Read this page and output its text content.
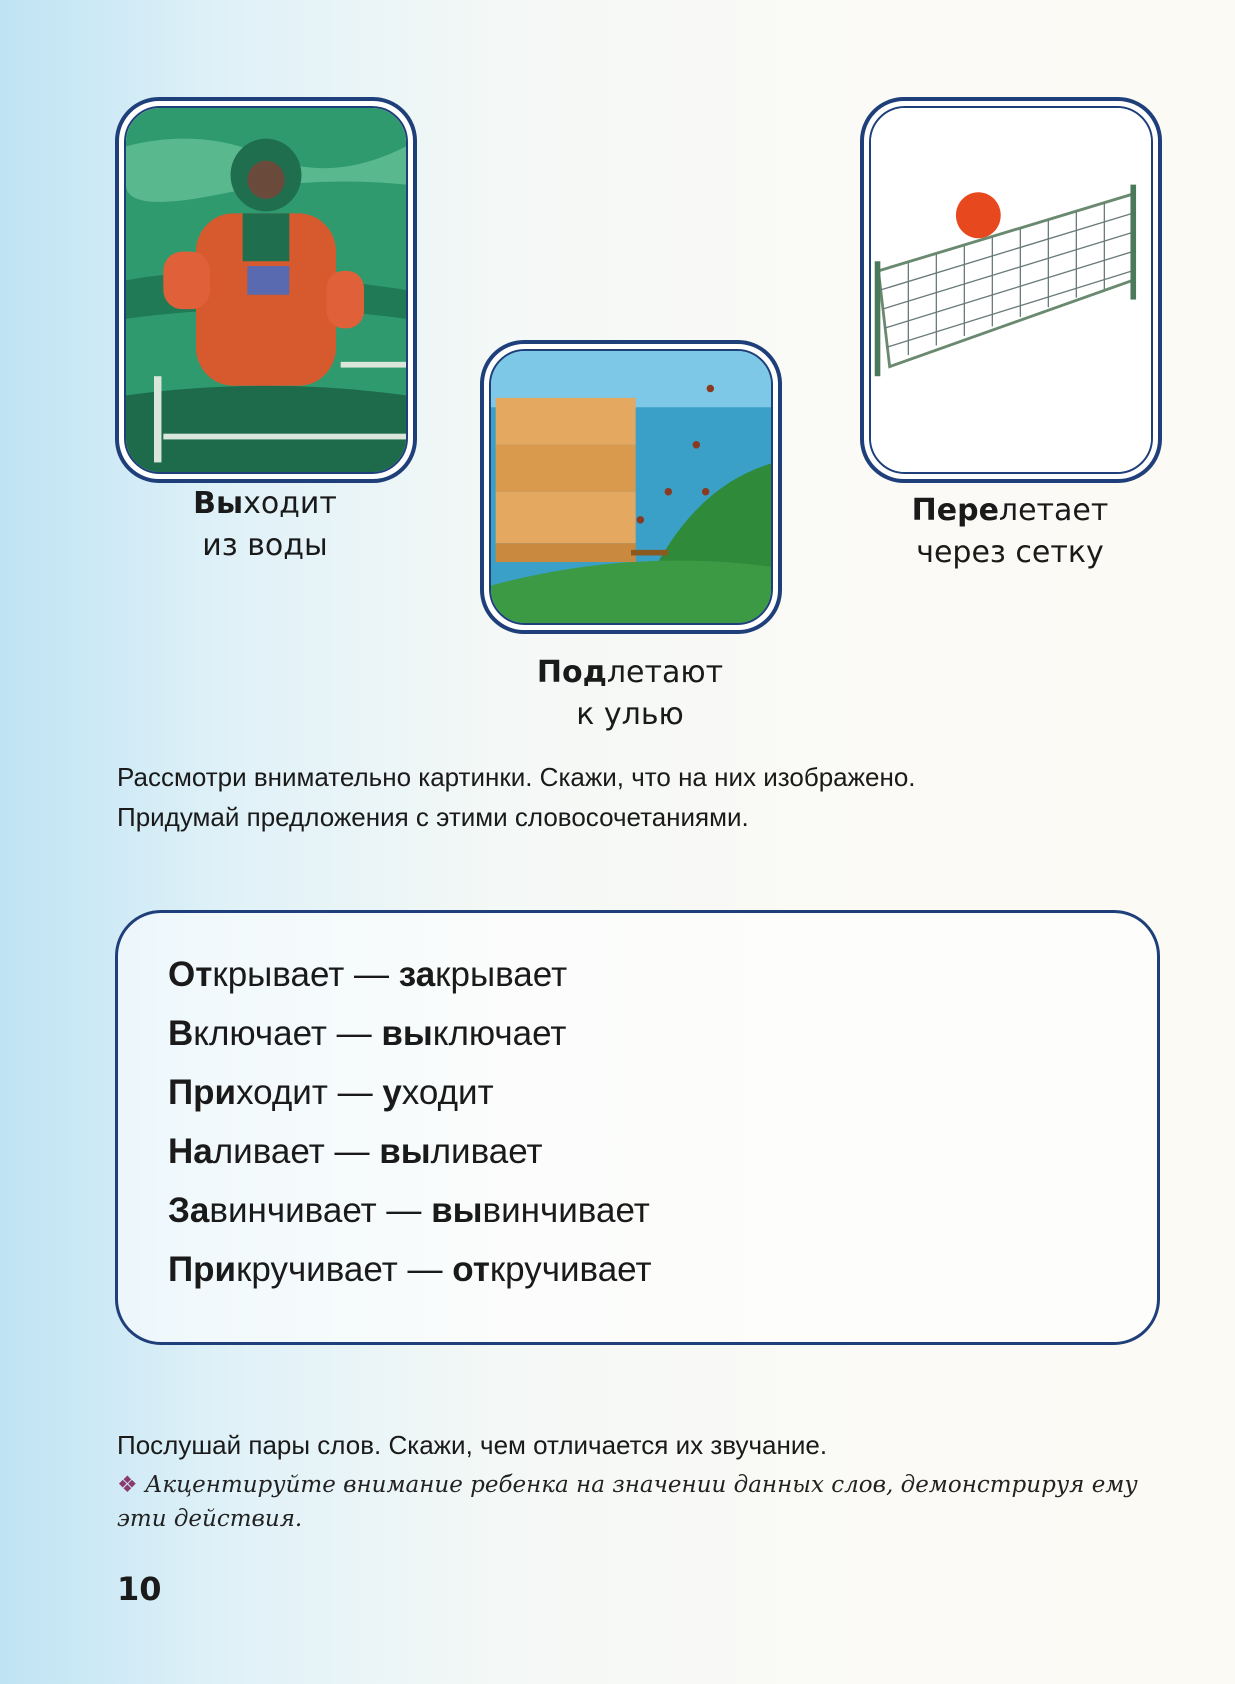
Выходит
из воды
Подлетают
к улью
Перелетает
через сетку
Рассмотри внимательно картинки. Скажи, что на них изображено.
Придумай предложения с этими словосочетаниями.
Открывает — закрывает
Включает — выключает
Приходит — уходит
Наливает — выливает
Завинчивает — вывинчивает
Прикручивает — откручивает
Послушай пары слов. Скажи, чем отличается их звучание.
❖ Акцентируйте внимание ребенка на значении данных слов, демонстрируя ему эти действия.
10
